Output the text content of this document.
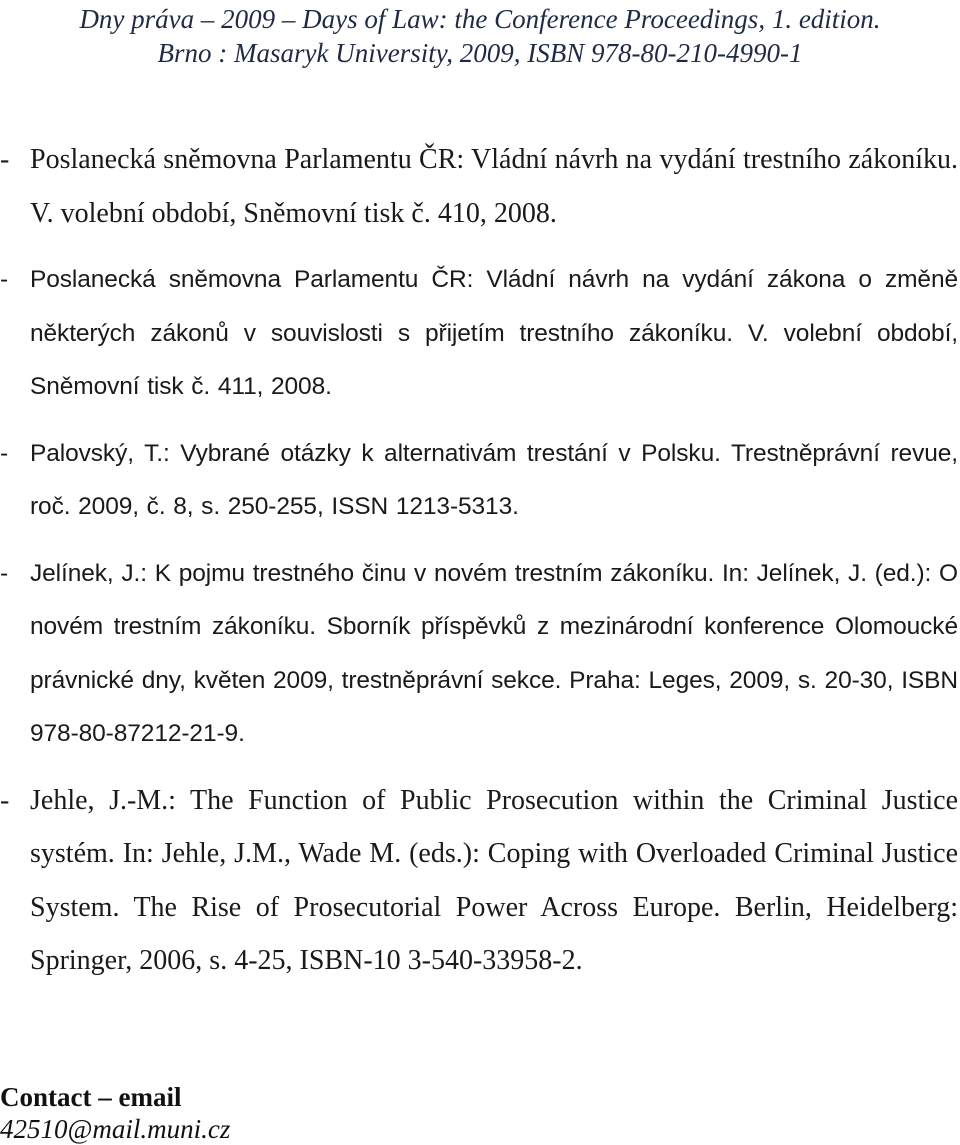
Dny práva – 2009 – Days of Law: the Conference Proceedings, 1. edition.
Brno : Masaryk University, 2009, ISBN 978-80-210-4990-1
- Poslanecká sněmovna Parlamentu ČR: Vládní návrh na vydání trestního zákoníku. V. volební období, Sněmovní tisk č. 410, 2008.
- Poslanecká sněmovna Parlamentu ČR: Vládní návrh na vydání zákona o změně některých zákonů v souvislosti s přijetím trestního zákoníku. V. volební období, Sněmovní tisk č. 411, 2008.
- Palovský, T.: Vybrané otázky k alternativám trestání v Polsku. Trestněprávní revue, roč. 2009, č. 8, s. 250-255, ISSN 1213-5313.
- Jelínek, J.: K pojmu trestného činu v novém trestním zákoníku. In: Jelínek, J. (ed.): O novém trestním zákoníku. Sborník příspěvků z mezinárodní konference Olomoucké právnické dny, květen 2009, trestněprávní sekce. Praha: Leges, 2009, s. 20-30, ISBN 978-80-87212-21-9.
- Jehle, J.-M.: The Function of Public Prosecution within the Criminal Justice systém. In: Jehle, J.M., Wade M. (eds.): Coping with Overloaded Criminal Justice System. The Rise of Prosecutorial Power Across Europe. Berlin, Heidelberg: Springer, 2006, s. 4-25, ISBN-10 3-540-33958-2.
Contact – email
42510@mail.muni.cz
